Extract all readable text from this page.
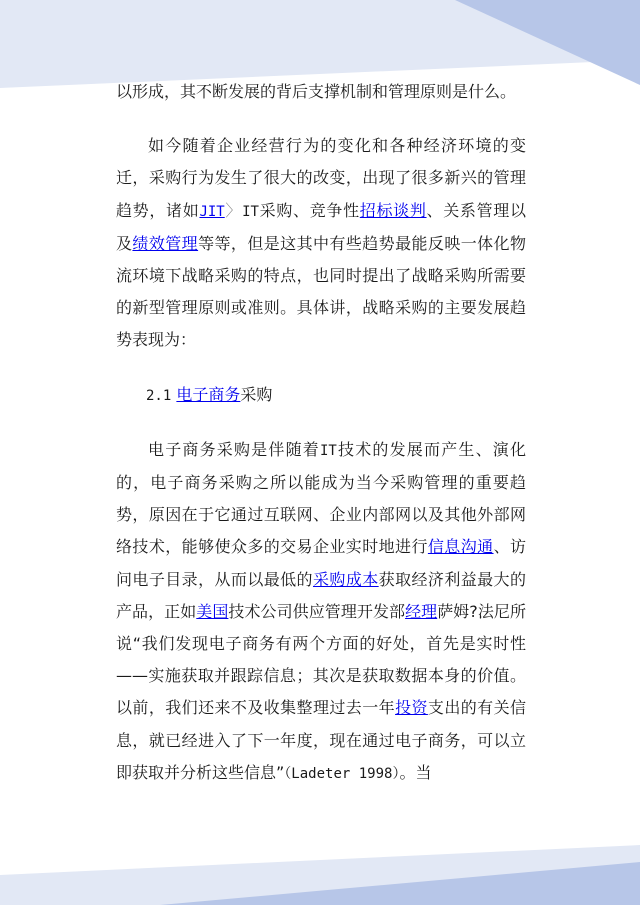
以形成，其不断发展的背后支撑机制和管理原则是什么。

如今随着企业经营行为的变化和各种经济环境的变迁，采购行为发生了很大的改变，出现了很多新兴的管理趋势，诸如JIT〉IT采购、竞争性招标谈判、关系管理以及绩效管理等等，但是这其中有些趋势最能反映一体化物流环境下战略采购的特点，也同时提出了战略采购所需要的新型管理原则或准则。具体讲，战略采购的主要发展趋势表现为：

2.1 电子商务采购

电子商务采购是伴随着IT技术的发展而产生、演化的，电子商务采购之所以能成为当今采购管理的重要趋势，原因在于它通过互联网、企业内部网以及其他外部网络技术，能够使众多的交易企业实时地进行信息沟通、访问电子目录，从而以最低的采购成本获取经济利益最大的产品，正如美国技术公司供应管理开发部经理萨姆?法尼所说“我们发现电子商务有两个方面的好处，首先是实时性——实施获取并跟踪信息；其次是获取数据本身的价值。以前，我们还来不及收集整理过去一年投资支出的有关信息，就已经进入了下一年度，现在通过电子商务，可以立即获取并分析这些信息”（Ladeter 1998）。当
